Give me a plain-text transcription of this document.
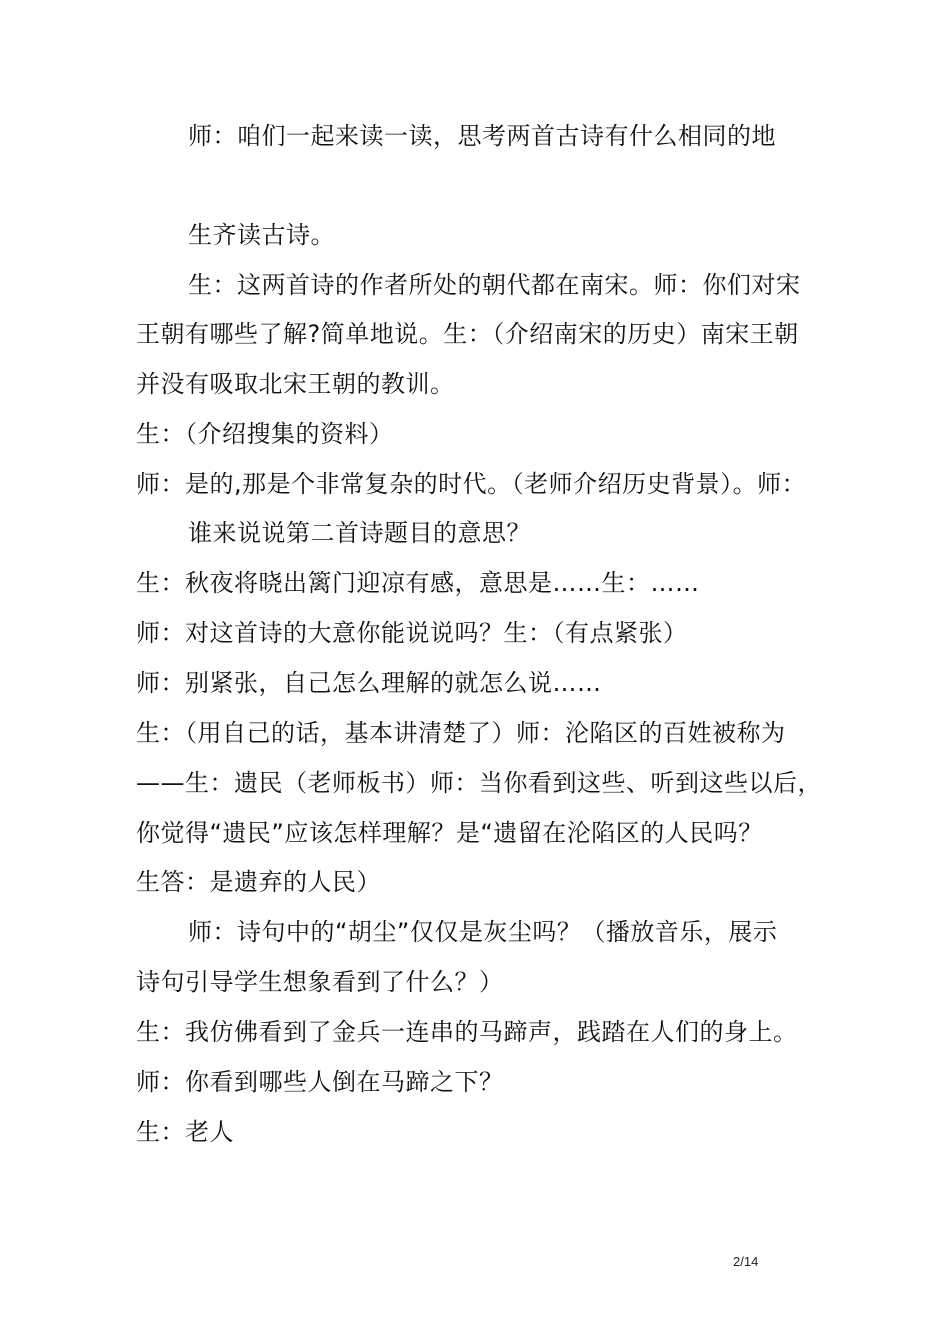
师：咱们一起来读一读，思考两首古诗有什么相同的地
生齐读古诗。
生：这两首诗的作者所处的朝代都在南宋。师：你们对宋
王朝有哪些了解?简单地说。生：（介绍南宋的历史）南宋王朝
并没有吸取北宋王朝的教训。
生：（介绍搜集的资料）
师：是的,那是个非常复杂的时代。（老师介绍历史背景）。师：
谁来说说第二首诗题目的意思？
生：秋夜将晓出篱门迎凉有感，意思是……生：……
师：对这首诗的大意你能说说吗？生：（有点紧张）
师：别紧张，自己怎么理解的就怎么说……
生：（用自己的话，基本讲清楚了）师：沦陷区的百姓被称为
——生：遗民（老师板书）师：当你看到这些、听到这些以后，
你觉得“遗民”应该怎样理解？是“遗留在沦陷区的人民吗？
生答：是遗弃的人民）
师：诗句中的“胡尘”仅仅是灰尘吗？（播放音乐，展示
诗句引导学生想象看到了什么？）
生：我仿佛看到了金兵一连串的马蹄声，践踏在人们的身上。
师：你看到哪些人倒在马蹄之下？
生：老人
2/14
